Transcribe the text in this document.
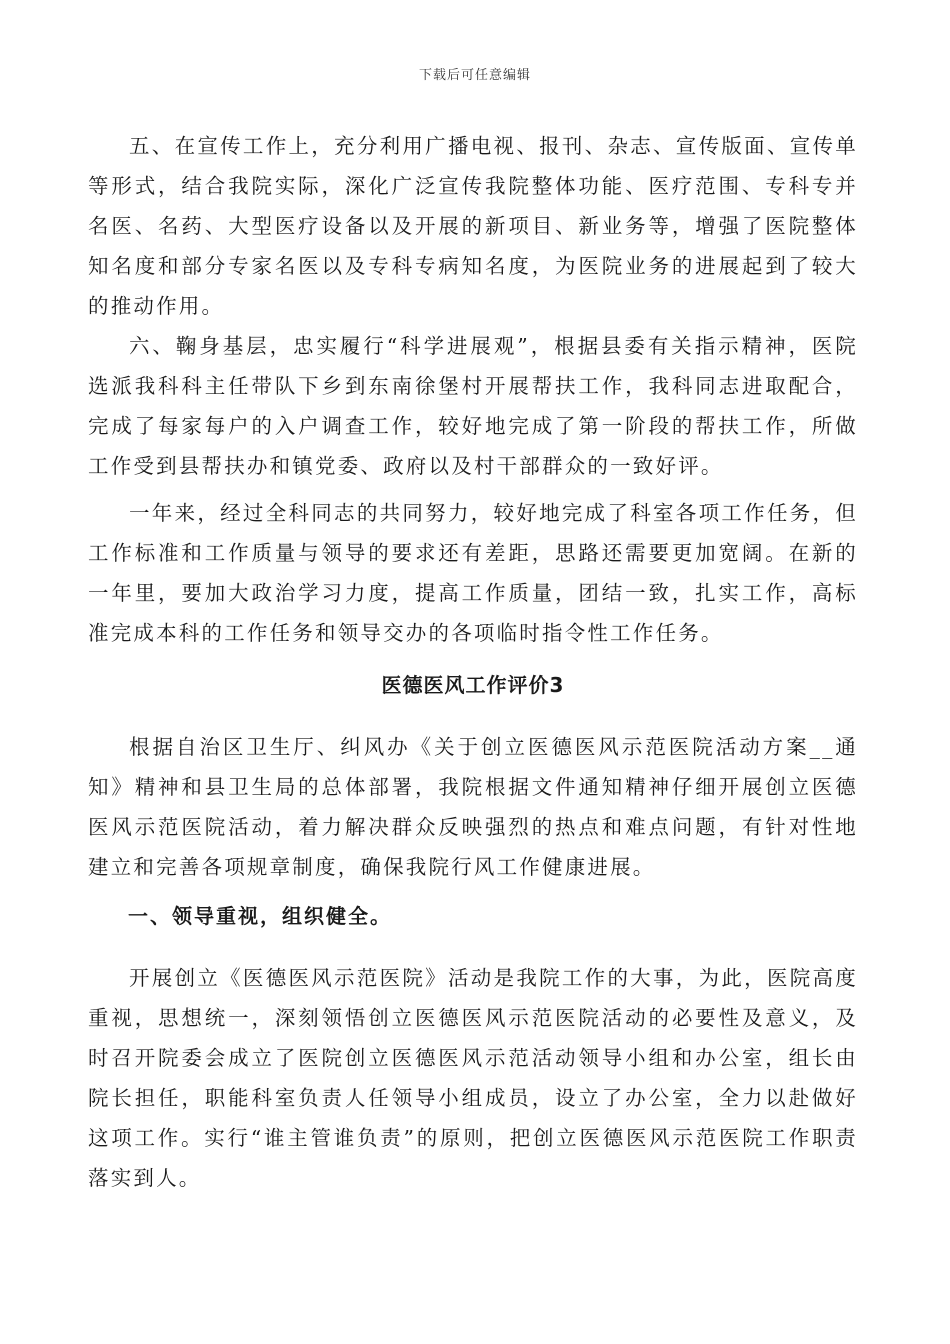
下载后可任意编辑

五、在宣传工作上，充分利用广播电视、报刊、杂志、宣传版面、宣传单等形式，结合我院实际，深化广泛宣传我院整体功能、医疗范围、专科专并名医、名药、大型医疗设备以及开展的新项目、新业务等，增强了医院整体知名度和部分专家名医以及专科专病知名度，为医院业务的进展起到了较大的推动作用。

六、鞠身基层，忠实履行“科学进展观”，根据县委有关指示精神，医院选派我科科主任带队下乡到东南徐堡村开展帮扶工作，我科同志进取配合，完成了每家每户的入户调查工作，较好地完成了第一阶段的帮扶工作，所做工作受到县帮扶办和镇党委、政府以及村干部群众的一致好评。

一年来，经过全科同志的共同努力，较好地完成了科室各项工作任务，但工作标准和工作质量与领导的要求还有差距，思路还需要更加宽阔。在新的一年里，要加大政治学习力度，提高工作质量，团结一致，扎实工作，高标准完成本科的工作任务和领导交办的各项临时指令性工作任务。

医德医风工作评价3

根据自治区卫生厅、纠风办《关于创立医德医风示范医院活动方案__通知》精神和县卫生局的总体部署，我院根据文件通知精神仔细开展创立医德医风示范医院活动，着力解决群众反映强烈的热点和难点问题，有针对性地建立和完善各项规章制度，确保我院行风工作健康进展。

一、领导重视，组织健全。

开展创立《医德医风示范医院》活动是我院工作的大事，为此，医院高度重视，思想统一，深刻领悟创立医德医风示范医院活动的必要性及意义，及时召开院委会成立了医院创立医德医风示范活动领导小组和办公室，组长由院长担任，职能科室负责人任领导小组成员，设立了办公室，全力以赴做好这项工作。实行“谁主管谁负责”的原则，把创立医德医风示范医院工作职责落实到人。
